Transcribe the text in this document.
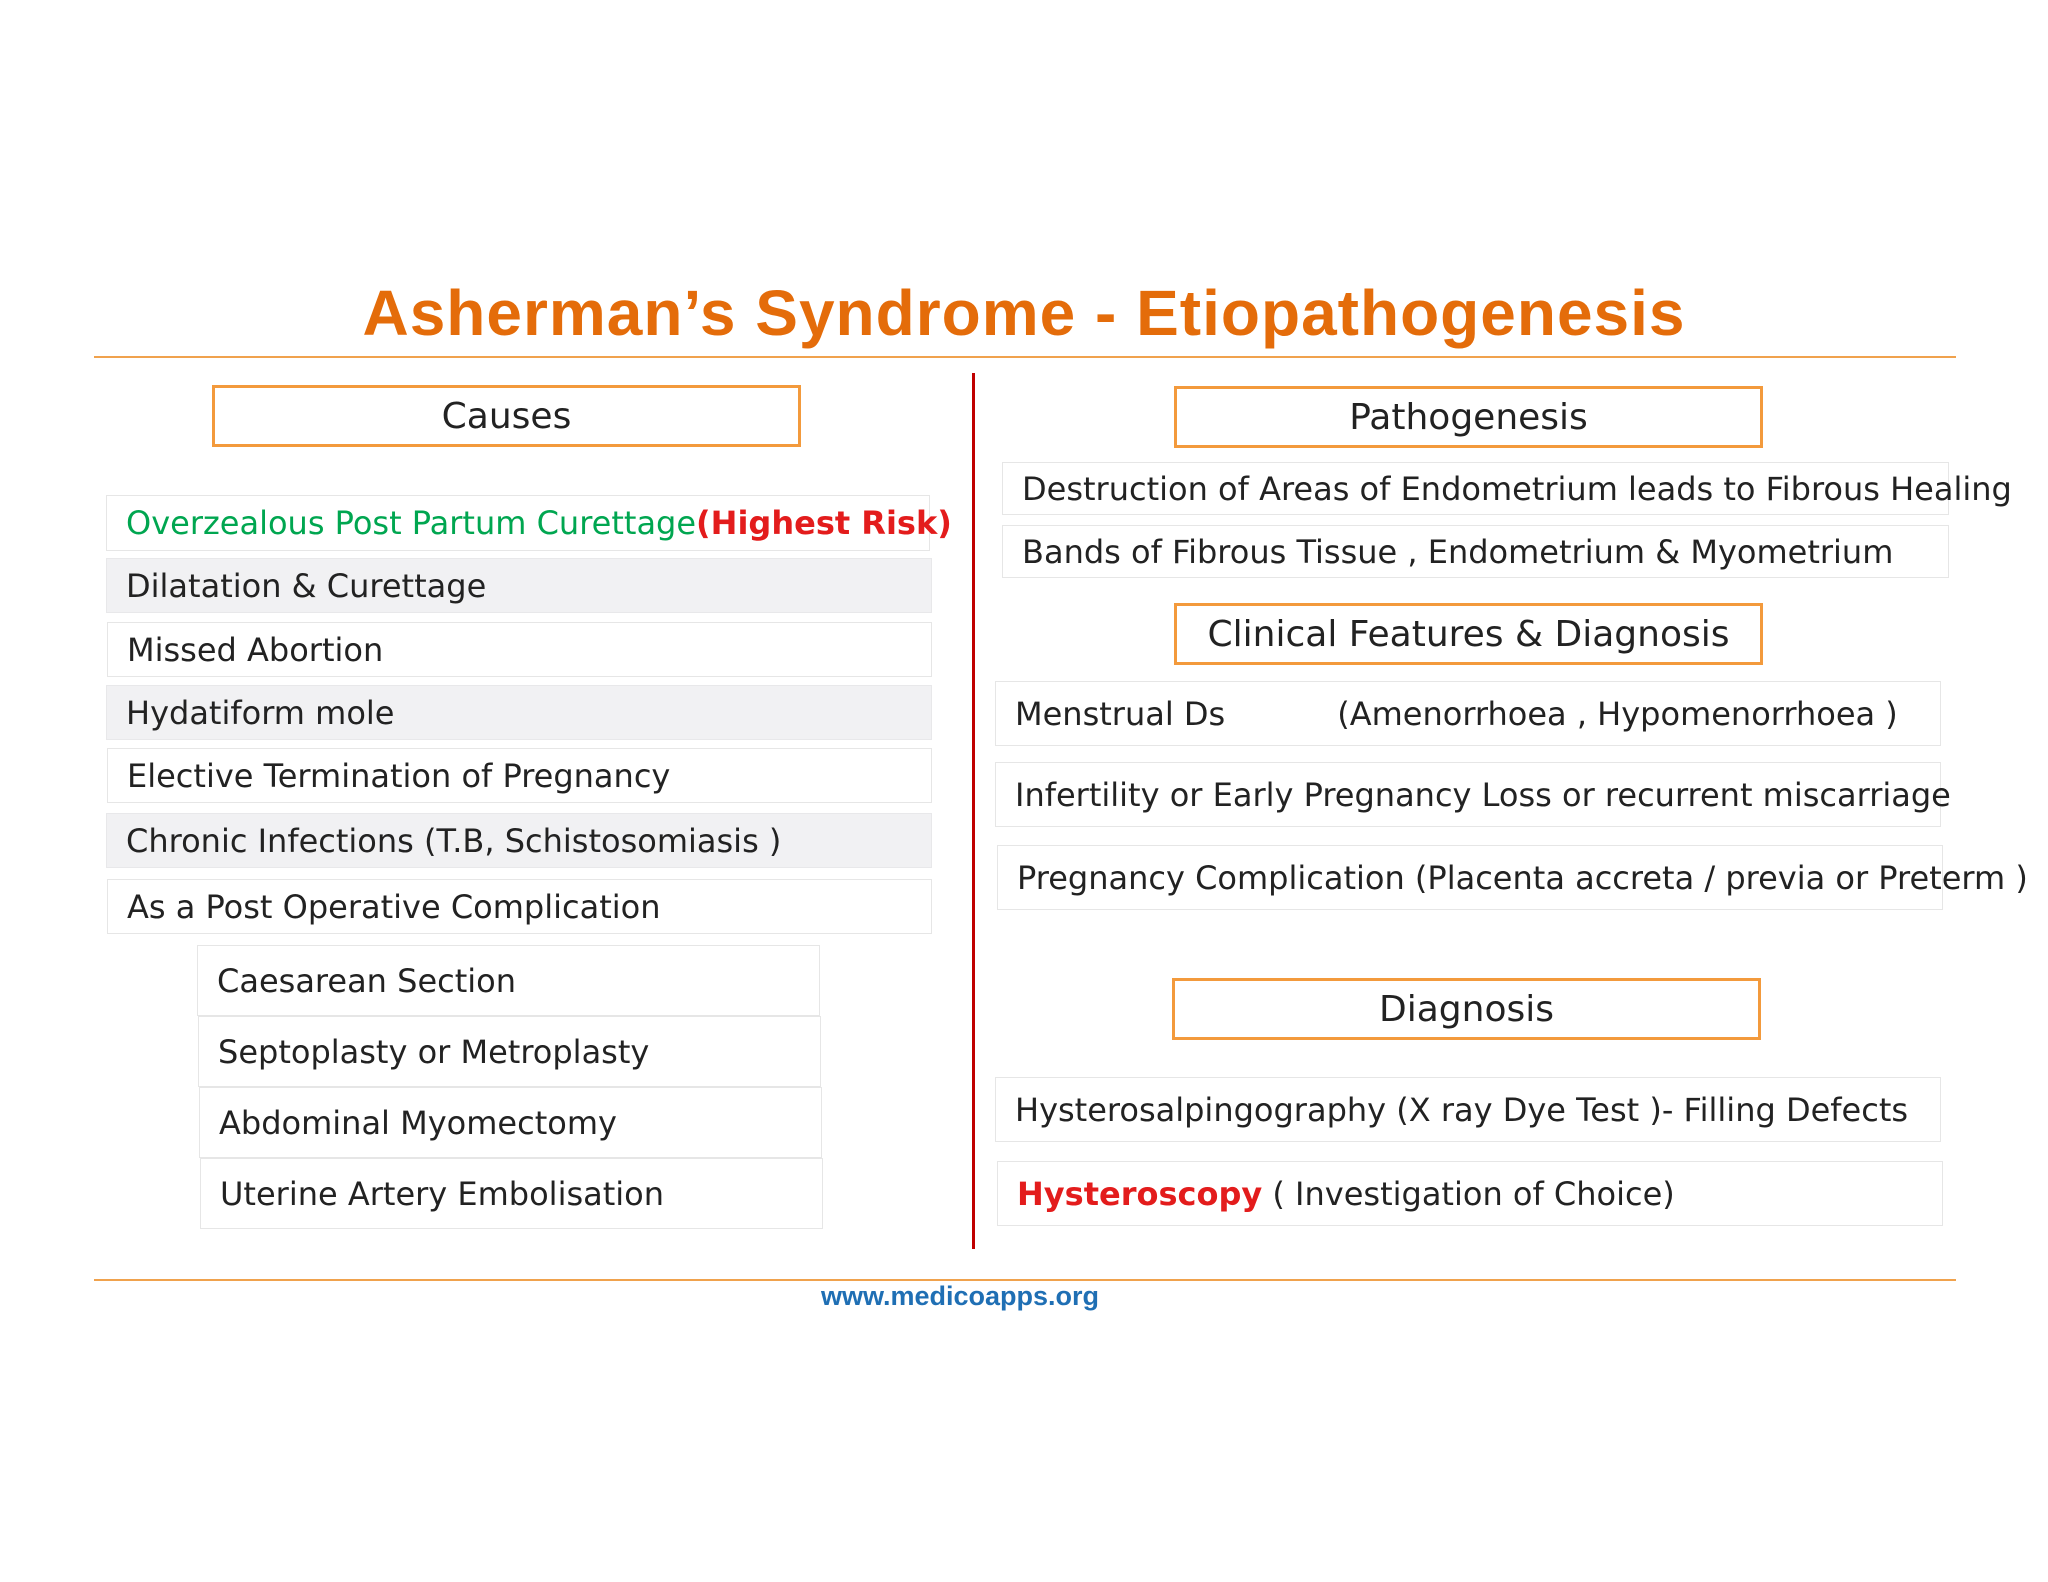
Asherman’s Syndrome - Etiopathogenesis
Causes
Overzealous Post Partum Curettage (Highest Risk)
Dilatation & Curettage
Missed Abortion
Hydatiform mole
Elective Termination of Pregnancy
Chronic Infections (T.B, Schistosomiasis )
As a Post Operative Complication
Caesarean Section
Septoplasty or Metroplasty
Abdominal Myomectomy
Uterine Artery Embolisation
Pathogenesis
Destruction of Areas of Endometrium leads to Fibrous Healing
Bands of Fibrous Tissue , Endometrium & Myometrium
Clinical Features & Diagnosis
Menstrual Ds	(Amenorrhoea , Hypomenorrhoea )
Infertility or Early Pregnancy Loss or recurrent miscarriage
Pregnancy Complication (Placenta accreta / previa or Preterm )
Diagnosis
Hysterosalpingography (X ray Dye Test )- Filling Defects
Hysteroscopy ( Investigation of Choice)
www.medicoapps.org
